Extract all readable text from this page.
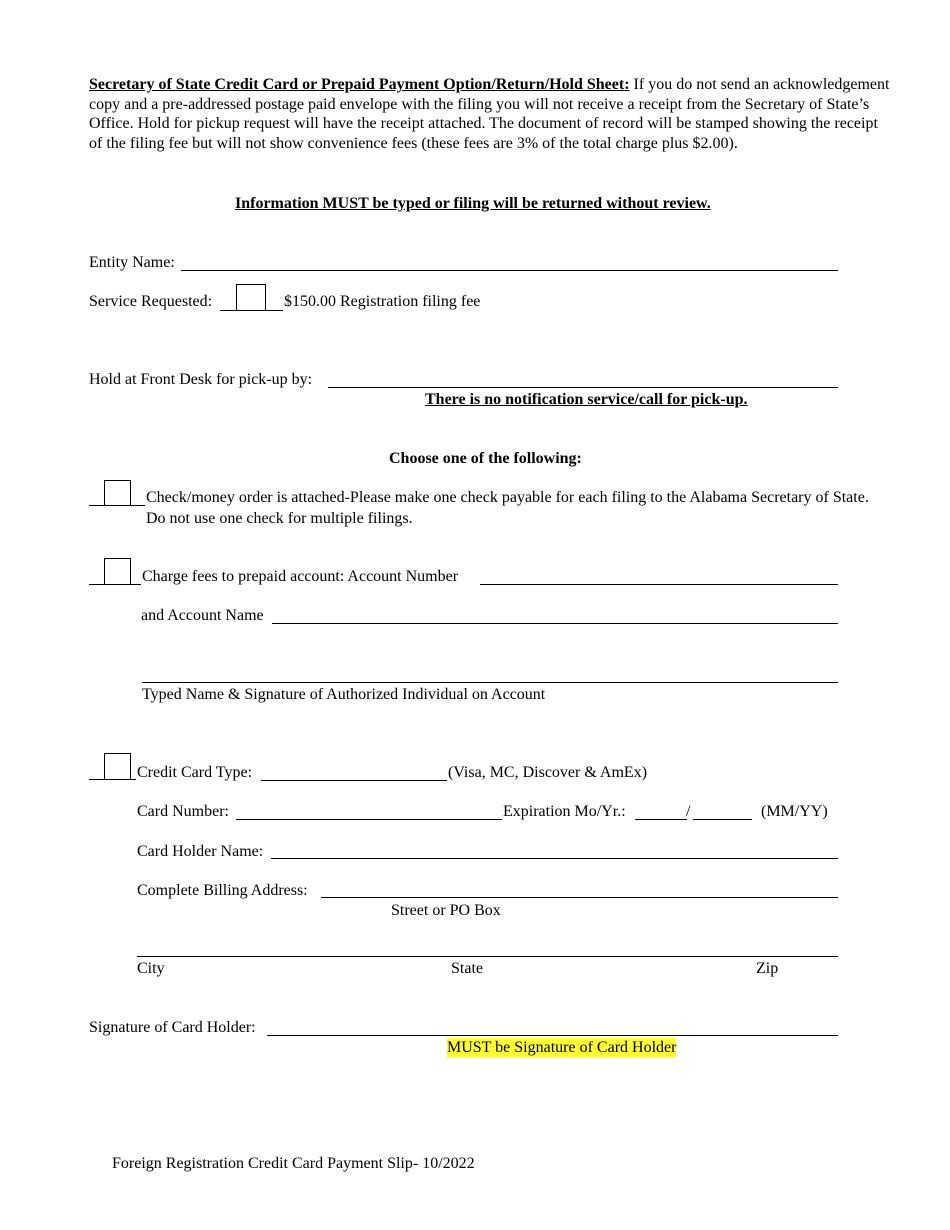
Secretary of State Credit Card or Prepaid Payment Option/Return/Hold Sheet: If you do not send an acknowledgement copy and a pre-addressed postage paid envelope with the filing you will not receive a receipt from the Secretary of State’s Office. Hold for pickup request will have the receipt attached. The document of record will be stamped showing the receipt of the filing fee but will not show convenience fees (these fees are 3% of the total charge plus $2.00).
Information MUST be typed or filing will be returned without review.
Entity Name:
Service Requested:	$150.00 Registration filing fee
Hold at Front Desk for pick-up by:
There is no notification service/call for pick-up.
Choose one of the following:
Check/money order is attached-Please make one check payable for each filing to the Alabama Secretary of State. Do not use one check for multiple filings.
Charge fees to prepaid account: Account Number
and Account Name
Typed Name & Signature of Authorized Individual on Account
Credit Card Type:	(Visa, MC, Discover & AmEx)
Card Number:	Expiration Mo/Yr.:	/	(MM/YY)
Card Holder Name:
Complete Billing Address:
Street or PO Box
City	State	Zip
Signature of Card Holder:
MUST be Signature of Card Holder
Foreign Registration Credit Card Payment Slip- 10/2022
